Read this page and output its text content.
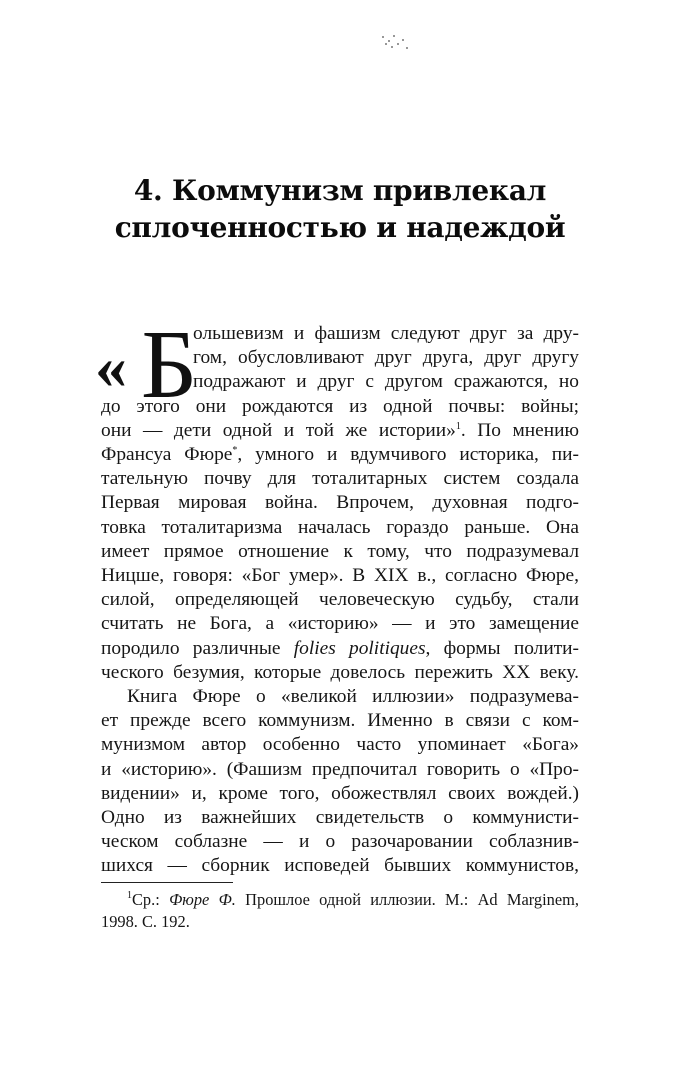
4. Коммунизм привлекал
сплоченностью и надеждой

« Б
ольшевизм и фашизм следуют друг за дру-
гом, обусловливают друг друга, друг другу
подражают и друг с другом сражаются, но
до этого они рождаются из одной почвы: войны;
они — дети одной и той же истории»$^1$. По мнению
Франсуа Фюре*, умного и вдумчивого историка, пи-
тательную почву для тоталитарных систем создала
Первая мировая война. Впрочем, духовная подго-
товка тоталитаризма началась гораздо раньше. Она
имеет прямое отношение к тому, что подразумевал
Ницше, говоря: «Бог умер». В XIX в., согласно Фюре,
силой, определяющей человеческую судьбу, стали
считать не Бога, а «историю» — и это замещение
породило различные folies politiques, формы полити-
ческого безумия, которые довелось пережить XX веку.

Книга Фюре о «великой иллюзии» подразумева-
ет прежде всего коммунизм. Именно в связи с ком-
мунизмом автор особенно часто упоминает «Бога»
и «историю». (Фашизм предпочитал говорить о «Про-
видении» и, кроме того, обожествлял своих вождей.)
Одно из важнейших свидетельств о коммунисти-
ческом соблазне — и о разочаровании соблазнив-
шихся — сборник исповедей бывших коммунистов,

$^1$Ср.: Фюре Ф. Прошлое одной иллюзии. М.: Ad Marginem,
1998. С. 192.
